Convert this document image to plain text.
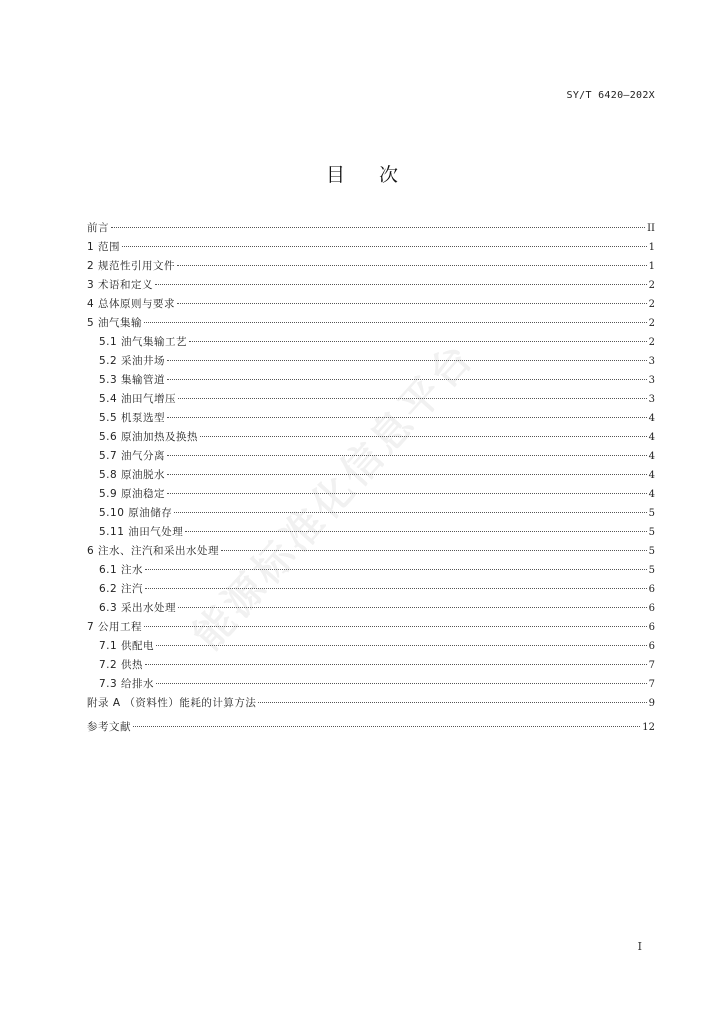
SY/T 6420—202X
目 次
前言	II
1 范围	1
2 规范性引用文件	1
3 术语和定义	2
4 总体原则与要求	2
5 油气集输	2
5.1 油气集输工艺	2
5.2 采油井场	3
5.3 集输管道	3
5.4 油田气增压	3
5.5 机泵选型	4
5.6 原油加热及换热	4
5.7 油气分离	4
5.8 原油脱水	4
5.9 原油稳定	4
5.10 原油储存	5
5.11 油田气处理	5
6 注水、注汽和采出水处理	5
6.1 注水	5
6.2 注汽	6
6.3 采出水处理	6
7 公用工程	6
7.1 供配电	6
7.2 供热	7
7.3 给排水	7
附录 A （资料性）能耗的计算方法	9
参考文献	12
能源标准化信息平台
I
